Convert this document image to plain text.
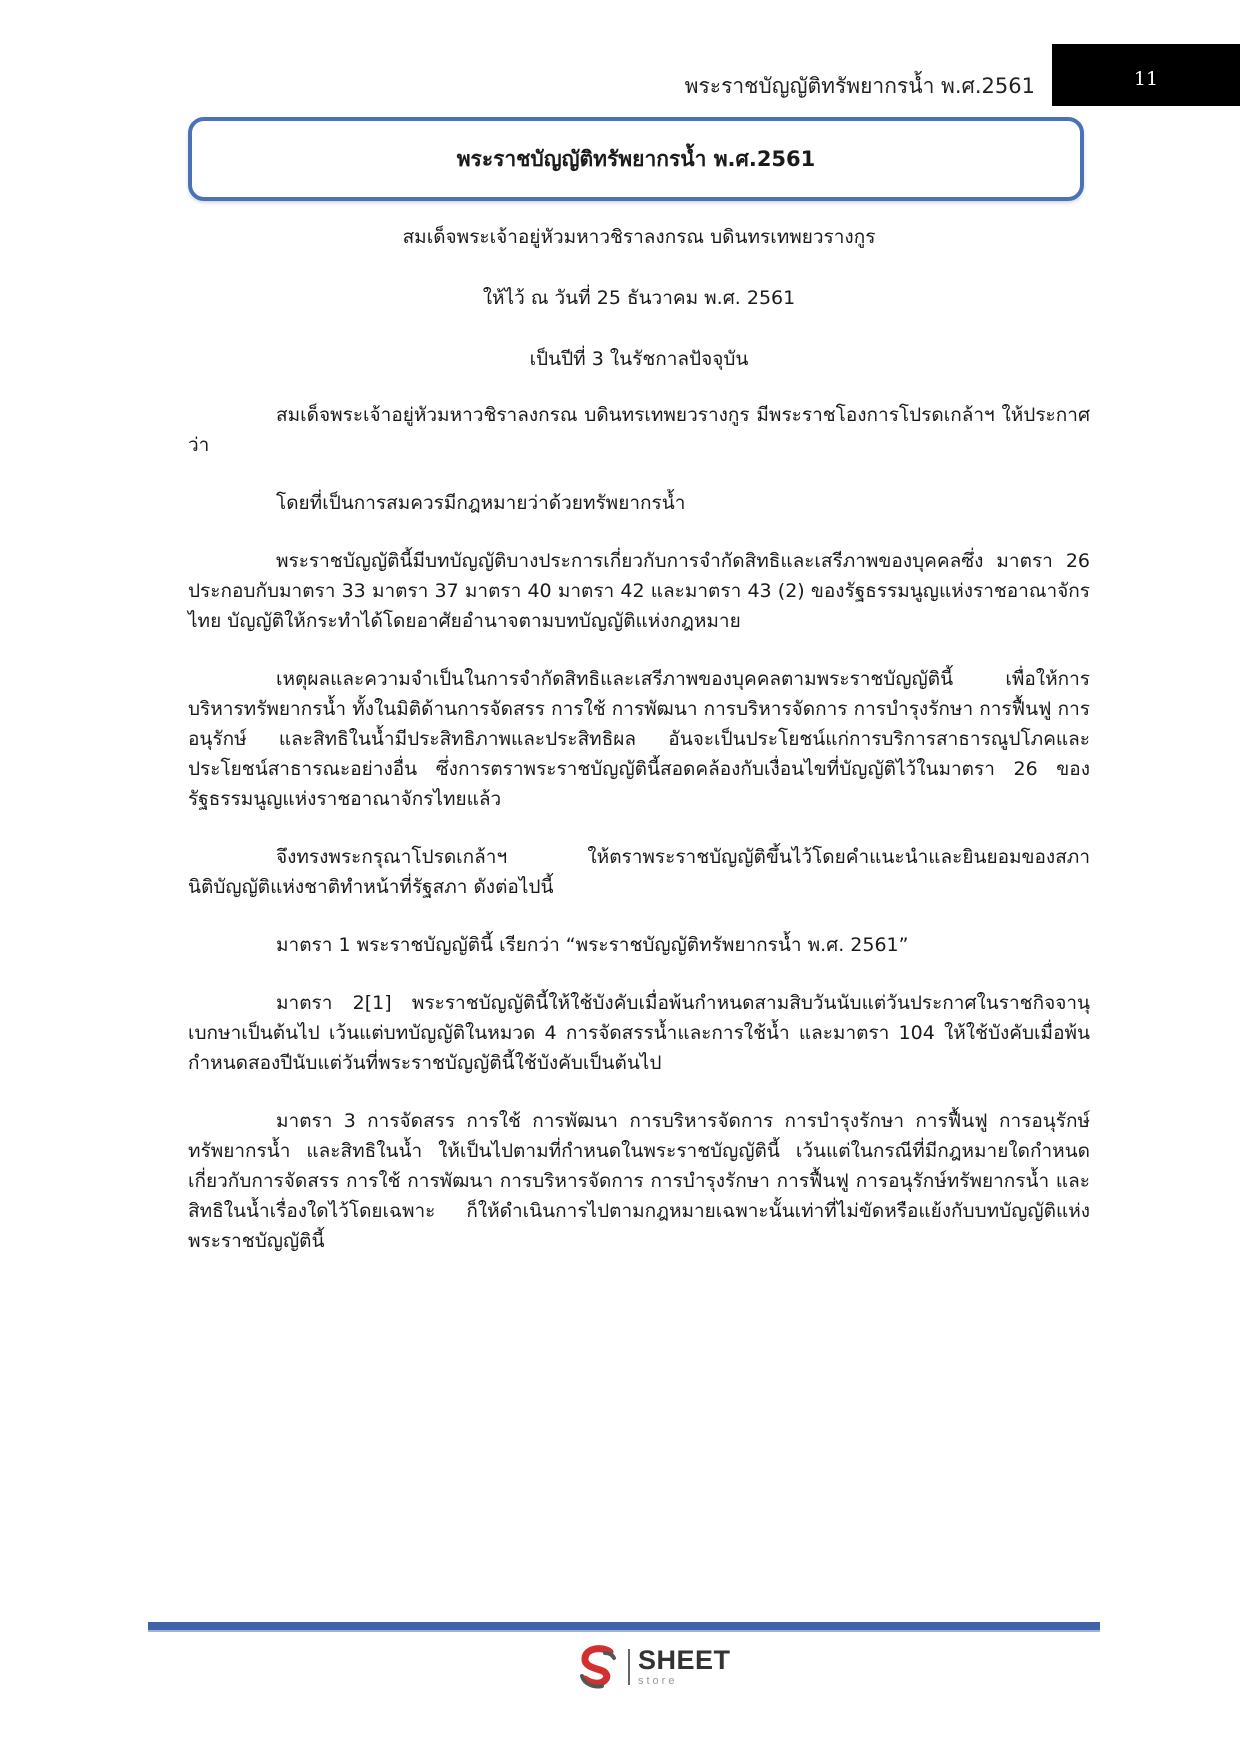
พระราชบัญญัติทรัพยากรน้ำ พ.ศ.2561	11
พระราชบัญญัติทรัพยากรน้ำ พ.ศ.2561

สมเด็จพระเจ้าอยู่หัวมหาวชิราลงกรณ บดินทรเทพยวรางกูร

ให้ไว้ ณ วันที่ 25 ธันวาคม พ.ศ. 2561

เป็นปีที่ 3 ในรัชกาลปัจจุบัน

สมเด็จพระเจ้าอยู่หัวมหาวชิราลงกรณ บดินทรเทพยวรางกูร มีพระราชโองการโปรดเกล้าฯ ให้ประกาศว่า

โดยที่เป็นการสมควรมีกฎหมายว่าด้วยทรัพยากรน้ำ

พระราชบัญญัตินี้มีบทบัญญัติบางประการเกี่ยวกับการจำกัดสิทธิและเสรีภาพของบุคคลซึ่ง มาตรา 26 ประกอบกับมาตรา 33 มาตรา 37 มาตรา 40 มาตรา 42 และมาตรา 43 (2) ของรัฐธรรมนูญแห่งราชอาณาจักรไทย บัญญัติให้กระทำได้โดยอาศัยอำนาจตามบทบัญญัติแห่งกฎหมาย

เหตุผลและความจำเป็นในการจำกัดสิทธิและเสรีภาพของบุคคลตามพระราชบัญญัตินี้ เพื่อให้การบริหารทรัพยากรน้ำ ทั้งในมิติด้านการจัดสรร การใช้ การพัฒนา การบริหารจัดการ การบำรุงรักษา การฟื้นฟู การอนุรักษ์ และสิทธิในน้ำมีประสิทธิภาพและประสิทธิผล อันจะเป็นประโยชน์แก่การบริการสาธารณูปโภคและประโยชน์สาธารณะอย่างอื่น ซึ่งการตราพระราชบัญญัตินี้สอดคล้องกับเงื่อนไขที่บัญญัติไว้ในมาตรา 26 ของรัฐธรรมนูญแห่งราชอาณาจักรไทยแล้ว

จึงทรงพระกรุณาโปรดเกล้าฯ ให้ตราพระราชบัญญัติขึ้นไว้โดยคำแนะนำและยินยอมของสภานิติบัญญัติแห่งชาติทำหน้าที่รัฐสภา ดังต่อไปนี้

มาตรา 1 พระราชบัญญัตินี้ เรียกว่า “พระราชบัญญัติทรัพยากรน้ำ พ.ศ. 2561”

มาตรา 2[1] พระราชบัญญัตินี้ให้ใช้บังคับเมื่อพ้นกำหนดสามสิบวันนับแต่วันประกาศในราชกิจจานุเบกษาเป็นต้นไป เว้นแต่บทบัญญัติในหมวด 4 การจัดสรรน้ำและการใช้น้ำ และมาตรา 104 ให้ใช้บังคับเมื่อพ้นกำหนดสองปีนับแต่วันที่พระราชบัญญัตินี้ใช้บังคับเป็นต้นไป

มาตรา 3 การจัดสรร การใช้ การพัฒนา การบริหารจัดการ การบำรุงรักษา การฟื้นฟู การอนุรักษ์ทรัพยากรน้ำ และสิทธิในน้ำ ให้เป็นไปตามที่กำหนดในพระราชบัญญัตินี้ เว้นแต่ในกรณีที่มีกฎหมายใดกำหนดเกี่ยวกับการจัดสรร การใช้ การพัฒนา การบริหารจัดการ การบำรุงรักษา การฟื้นฟู การอนุรักษ์ทรัพยากรน้ำ และสิทธิในน้ำเรื่องใดไว้โดยเฉพาะ ก็ให้ดำเนินการไปตามกฎหมายเฉพาะนั้นเท่าที่ไม่ขัดหรือแย้งกับบทบัญญัติแห่งพระราชบัญญัตินี้

SHEET
store
